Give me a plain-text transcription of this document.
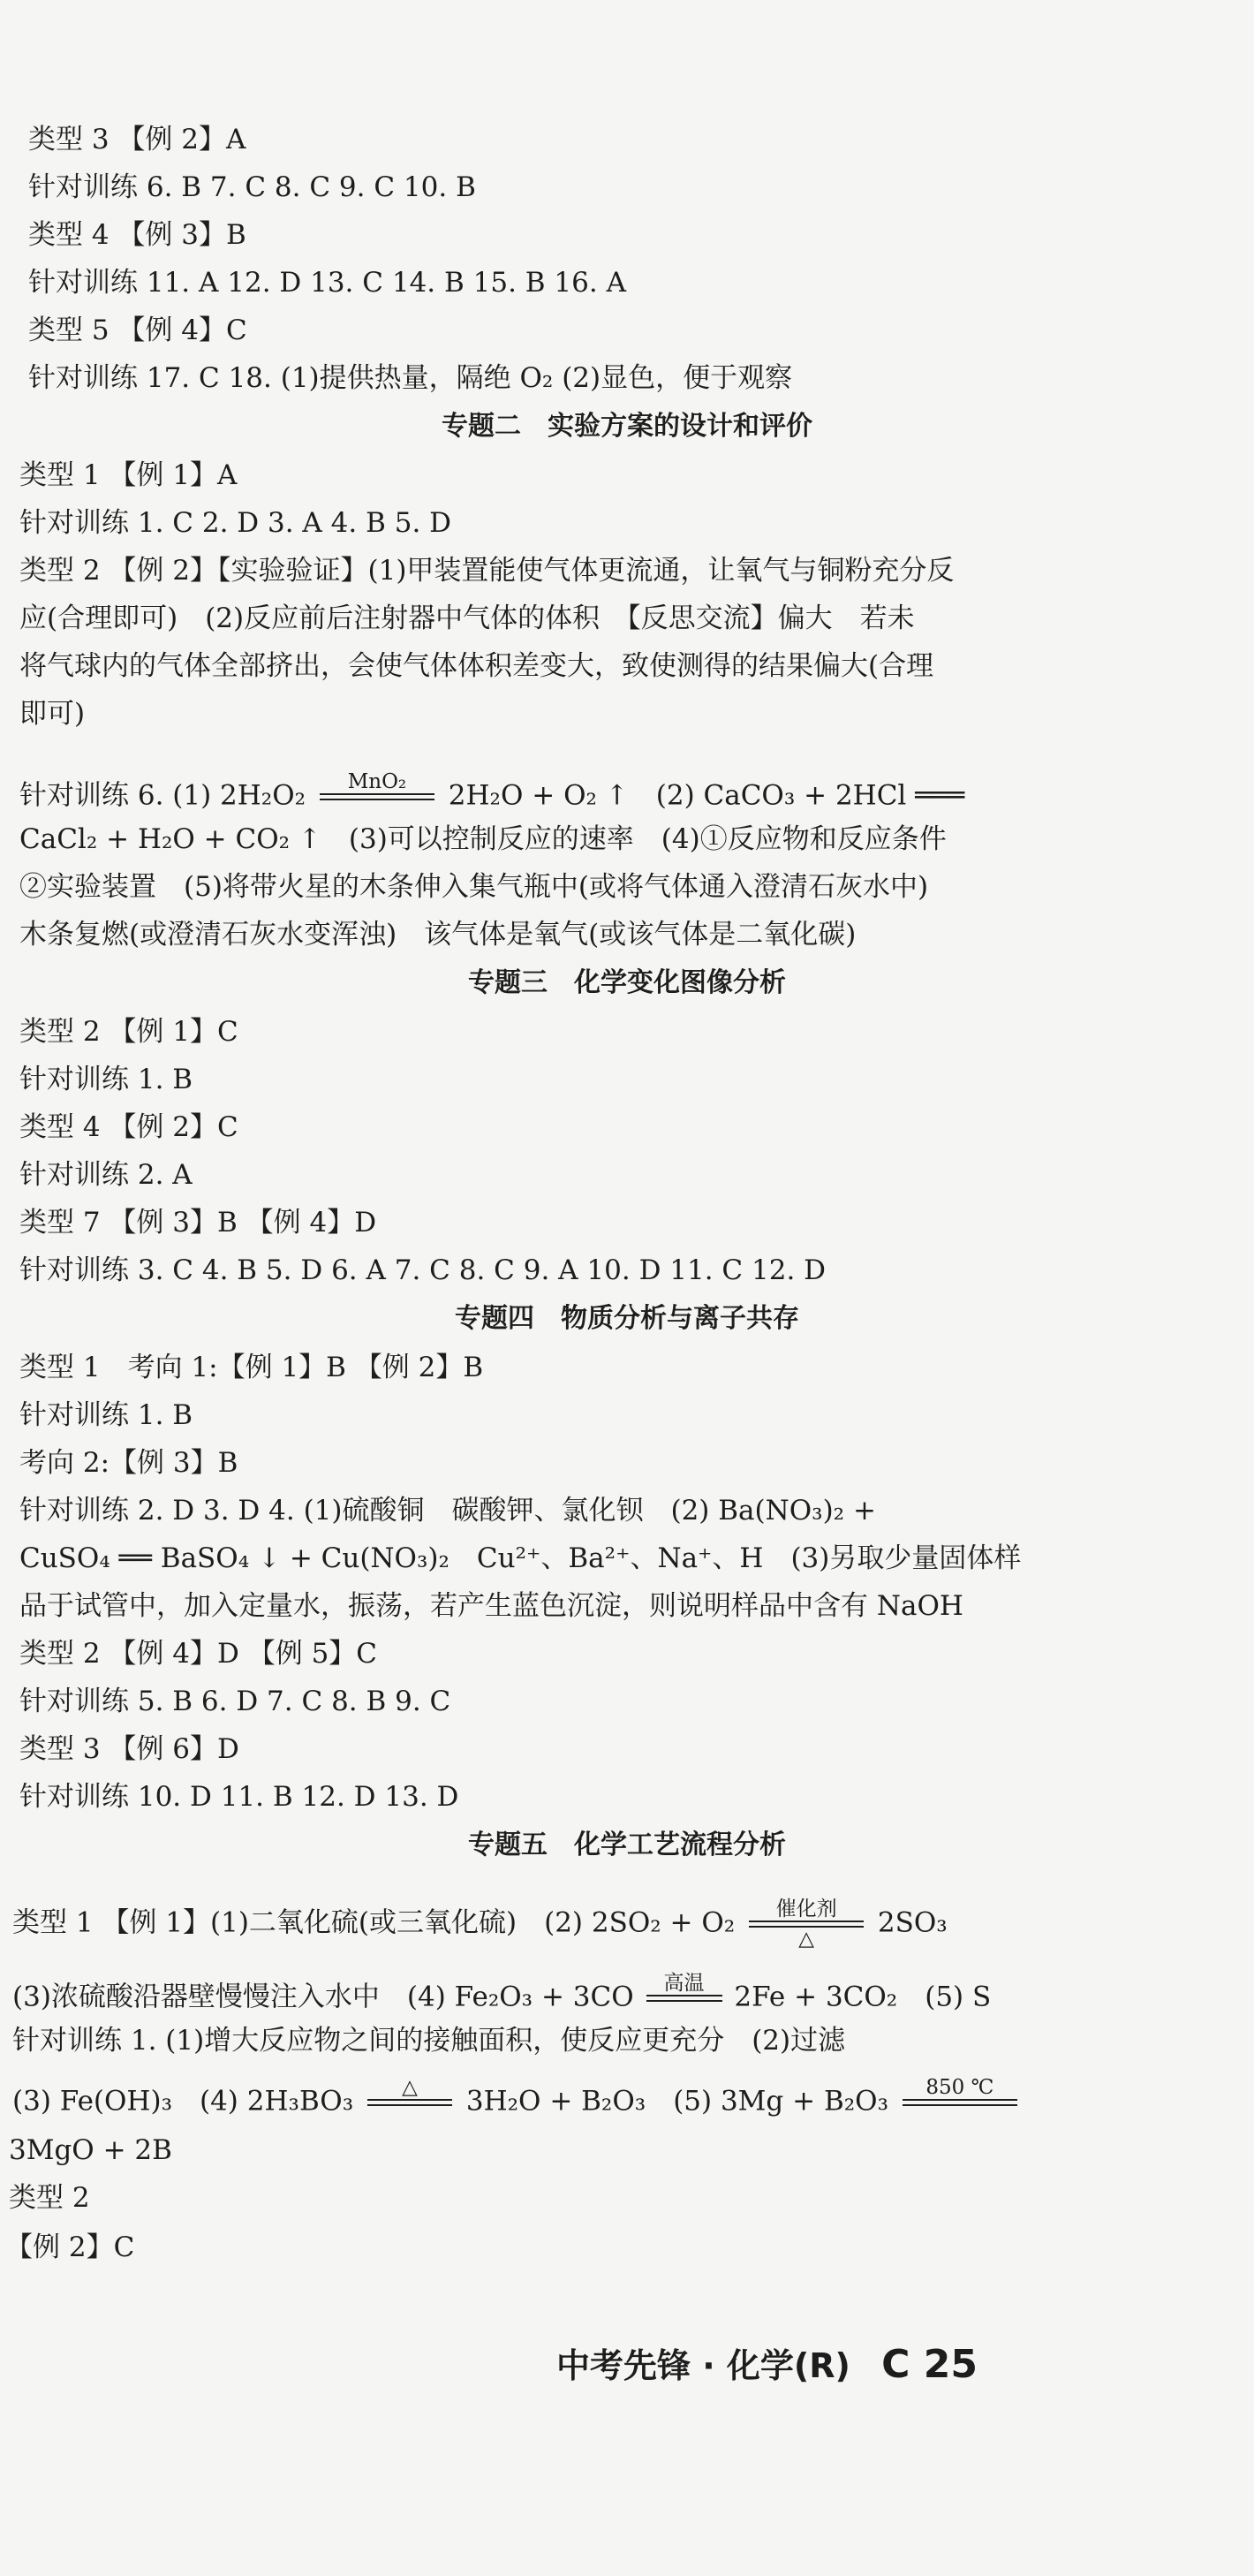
类型 3 【例 2】A
针对训练 6. B 7. C 8. C 9. C 10. B
类型 4 【例 3】B
针对训练 11. A 12. D 13. C 14. B 15. B 16. A
类型 5 【例 4】C
针对训练 17. C 18. (1)提供热量，隔绝 O₂ (2)显色，便于观察
专题二　实验方案的设计和评价
类型 1 【例 1】A
针对训练 1. C 2. D 3. A 4. B 5. D
类型 2 【例 2】【实验验证】(1)甲装置能使气体更流通，让氧气与铜粉充分反
应(合理即可)　(2)反应前后注射器中气体的体积　【反思交流】偏大　若未
将气球内的气体全部挤出，会使气体体积差变大，致使测得的结果偏大(合理
即可)
针对训练 6. (1) 2H₂O₂	MnO₂
	2H₂O + O₂ ↑　(2) CaCO₃ + 2HCl ═══
CaCl₂ + H₂O + CO₂ ↑　(3)可以控制反应的速率　(4)①反应物和反应条件
②实验装置　(5)将带火星的木条伸入集气瓶中(或将气体通入澄清石灰水中)
木条复燃(或澄清石灰水变浑浊)　该气体是氧气(或该气体是二氧化碳)
专题三　化学变化图像分析
类型 2 【例 1】C
针对训练 1. B
类型 4 【例 2】C
针对训练 2. A
类型 7 【例 3】B 【例 4】D
针对训练 3. C 4. B 5. D 6. A 7. C 8. C 9. A 10. D 11. C 12. D
专题四　物质分析与离子共存
类型 1　考向 1:【例 1】B 【例 2】B
针对训练 1. B
考向 2:【例 3】B
针对训练 2. D 3. D 4. (1)硫酸铜　碳酸钾、氯化钡　(2) Ba(NO₃)₂ +
CuSO₄ ══ BaSO₄ ↓ + Cu(NO₃)₂　Cu²⁺、Ba²⁺、Na⁺、H　(3)另取少量固体样
品于试管中，加入定量水，振荡，若产生蓝色沉淀，则说明样品中含有 NaOH
类型 2 【例 4】D 【例 5】C
针对训练 5. B 6. D 7. C 8. B 9. C
类型 3 【例 6】D
针对训练 10. D 11. B 12. D 13. D
专题五　化学工艺流程分析
类型 1 【例 1】(1)二氧化硫(或三氧化硫)　(2) 2SO₂ + O₂	催化剂
△
2SO₃
(3)浓硫酸沿器壁慢慢注入水中　(4) Fe₂O₃ + 3CO	高温
	2Fe + 3CO₂　(5) S
针对训练 1. (1)增大反应物之间的接触面积，使反应更充分　(2)过滤
(3) Fe(OH)₃　(4) 2H₃BO₃	△
	3H₂O + B₂O₃　(5) 3Mg + B₂O₃	850 ℃

3MgO + 2B
类型 2
【例 2】C
中考先锋 · 化学(R) C 25
